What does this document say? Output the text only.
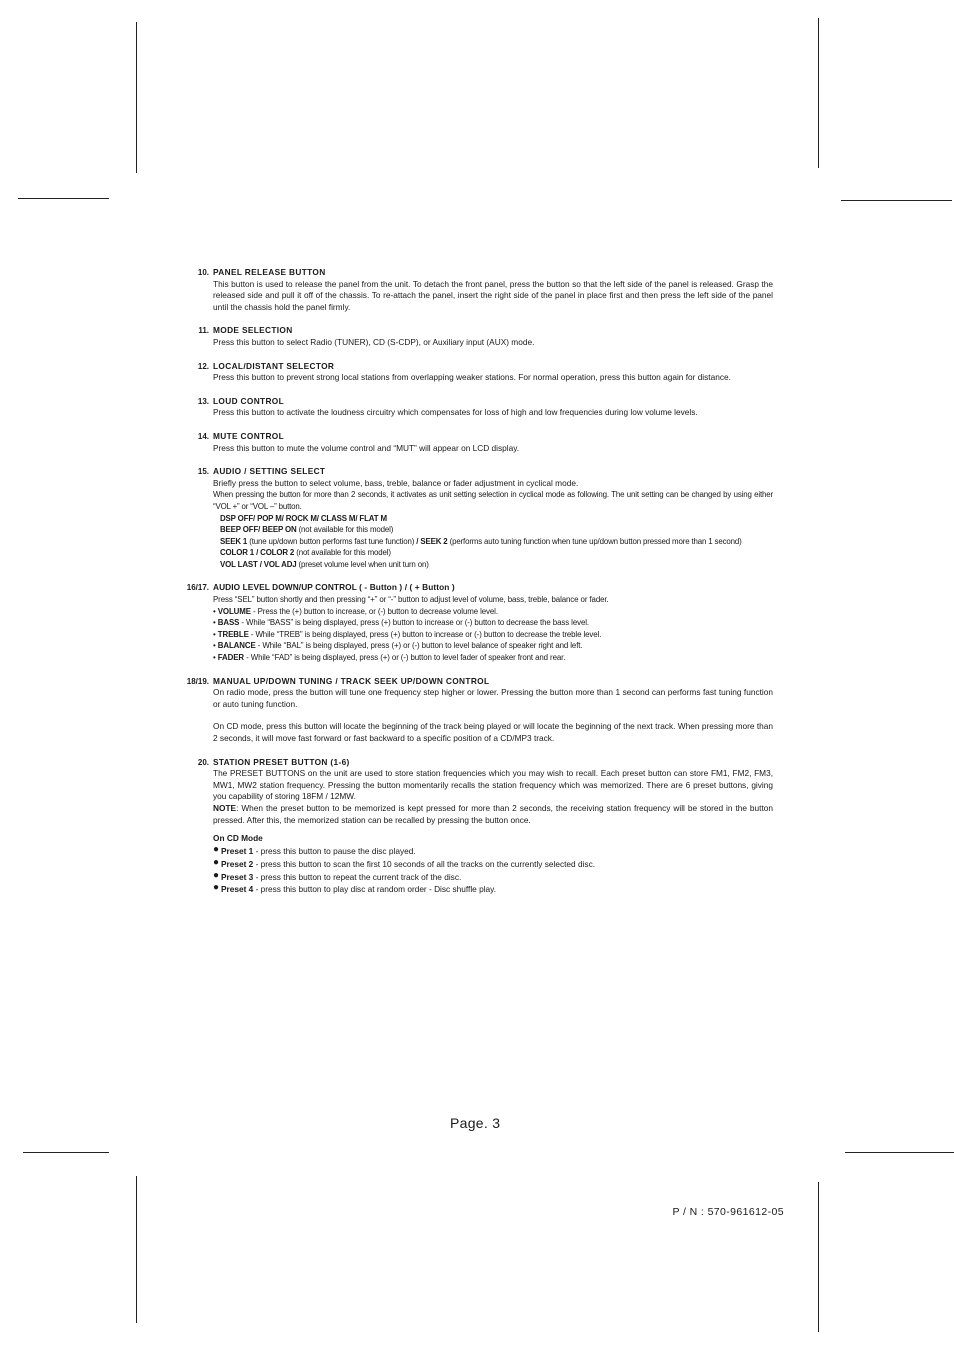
10. PANEL RELEASE BUTTON
This button is used to release the panel from the unit. To detach the front panel, press the button so that the left side of the panel is released. Grasp the released side and pull it off of the chassis. To re-attach the panel, insert the right side of the panel in place first and then press the left side of the panel until the chassis hold the panel firmly.
11. MODE SELECTION
Press this button to select Radio (TUNER), CD (S-CDP), or Auxiliary input (AUX) mode.
12. LOCAL/DISTANT SELECTOR
Press this button to prevent strong local stations from overlapping weaker stations. For normal operation, press this button again for distance.
13. LOUD CONTROL
Press this button to activate the loudness circuitry which compensates for loss of high and low frequencies during low volume levels.
14. MUTE CONTROL
Press this button to mute the volume control and “MUT” will appear on LCD display.
15. AUDIO / SETTING SELECT
Briefly press the button to select volume, bass, treble, balance or fader adjustment in cyclical mode.
When pressing the button for more than 2 seconds, it activates as unit setting selection in cyclical mode as following. The unit setting can be changed by using either “VOL +” or “VOL –” button.
DSP OFF/ POP M/ ROCK M/ CLASS M/ FLAT M
BEEP OFF/ BEEP ON (not available for this model)
SEEK 1 (tune up/down button performs fast tune function) / SEEK 2 (performs auto tuning function when tune up/down button pressed more than 1 second)
COLOR 1 / COLOR 2 (not available for this model)
VOL LAST / VOL ADJ (preset volume level when unit turn on)
16/17. AUDIO LEVEL DOWN/UP CONTROL ( - Button ) / ( + Button )
Press “SEL” button shortly and then pressing “+” or “-” button to adjust level of volume, bass, treble, balance or fader.
• VOLUME - Press the (+) button to increase, or (-) button to decrease volume level.
• BASS - While “BASS” is being displayed, press (+) button to increase or (-) button to decrease the bass level.
• TREBLE - While “TREB” is being displayed, press (+) button to increase or (-) button to decrease the treble level.
• BALANCE - While “BAL” is being displayed, press (+) or (-) button to level balance of speaker right and left.
• FADER - While “FAD” is being displayed, press (+) or (-) button to level fader of speaker front and rear.
18/19. MANUAL UP/DOWN TUNING / TRACK SEEK UP/DOWN CONTROL
On radio mode, press the button will tune one frequency step higher or lower. Pressing the button more than 1 second can performs fast tuning function or auto tuning function.
On CD mode, press this button will locate the beginning of the track being played or will locate the beginning of the next track. When pressing more than 2 seconds, it will move fast forward or fast backward to a specific position of a CD/MP3 track.
20. STATION PRESET BUTTON (1-6)
The PRESET BUTTONS on the unit are used to store station frequencies which you may wish to recall. Each preset button can store FM1, FM2, FM3, MW1, MW2 station frequency. Pressing the button momentarily recalls the station frequency which was memorized. There are 6 preset buttons, giving you capability of storing 18FM / 12MW.
NOTE: When the preset button to be memorized is kept pressed for more than 2 seconds, the receiving station frequency will be stored in the button pressed. After this, the memorized station can be recalled by pressing the button once.
On CD Mode
● Preset 1 - press this button to pause the disc played.
● Preset 2 - press this button to scan the first 10 seconds of all the tracks on the currently selected disc.
● Preset 3 - press this button to repeat the current track of the disc.
● Preset 4 - press this button to play disc at random order - Disc shuffle play.
Page. 3
P / N : 570-961612-05
